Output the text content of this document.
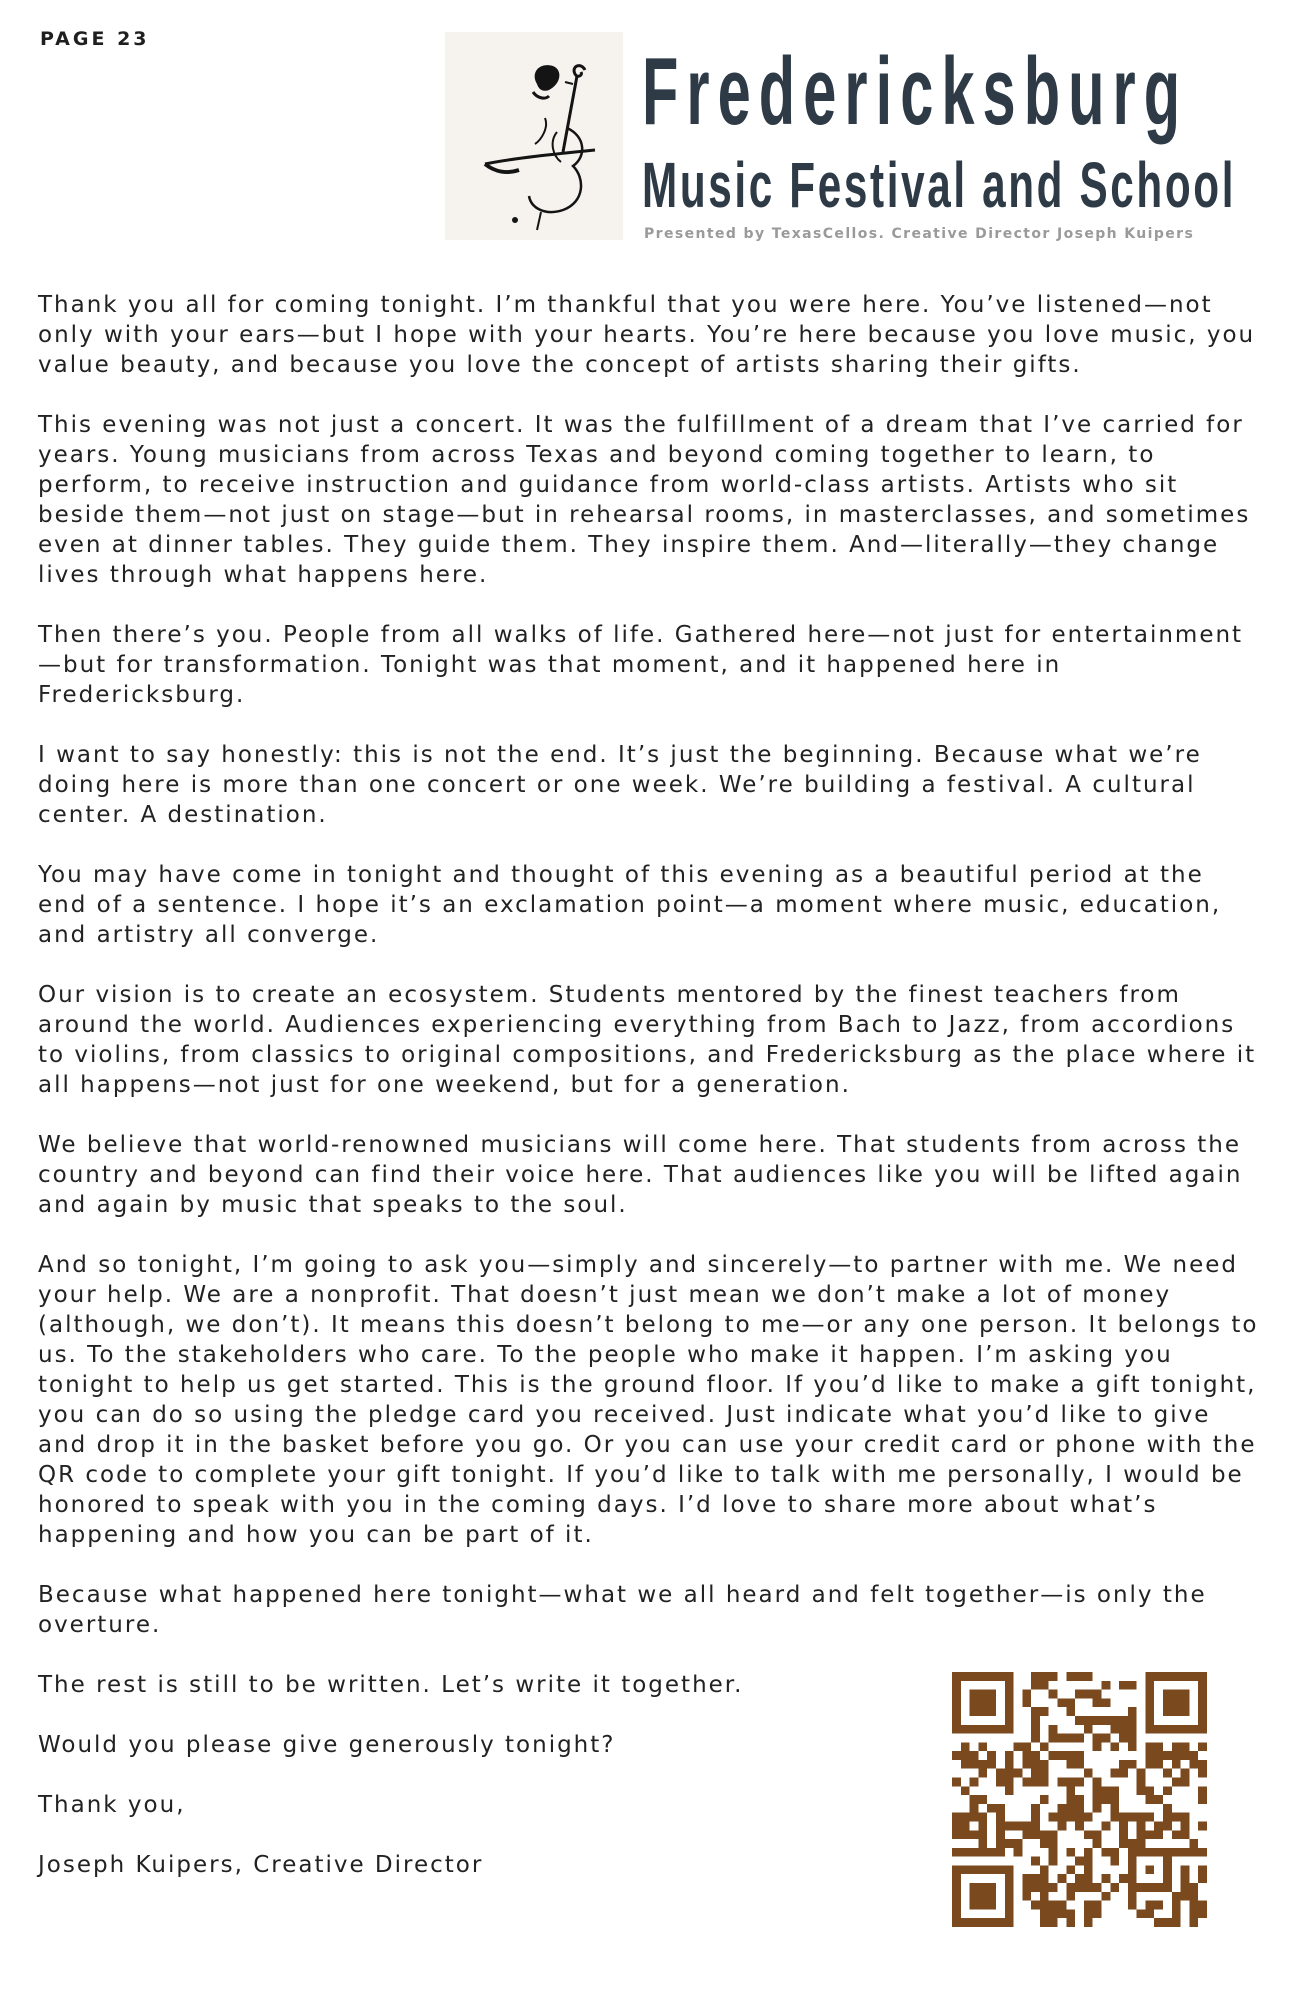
PAGE 23	Fredericksburg
Music Festival and School
Presented by TexasCellos. Creative Director Joseph Kuipers

Thank you all for coming tonight. I’m thankful that you were here. You’ve listened—not only with your ears—but I hope with your hearts. You’re here because you love music, you value beauty, and because you love the concept of artists sharing their gifts.

This evening was not just a concert. It was the fulfillment of a dream that I’ve carried for years. Young musicians from across Texas and beyond coming together to learn, to perform, to receive instruction and guidance from world-class artists. Artists who sit beside them—not just on stage—but in rehearsal rooms, in masterclasses, and sometimes even at dinner tables. They guide them. They inspire them. And—literally—they change lives through what happens here.

Then there’s you. People from all walks of life. Gathered here—not just for entertainment—but for transformation. Tonight was that moment, and it happened here in Fredericksburg.

I want to say honestly: this is not the end. It’s just the beginning. Because what we’re doing here is more than one concert or one week. We’re building a festival. A cultural center. A destination.

You may have come in tonight and thought of this evening as a beautiful period at the end of a sentence. I hope it’s an exclamation point—a moment where music, education, and artistry all converge.

Our vision is to create an ecosystem. Students mentored by the finest teachers from around the world. Audiences experiencing everything from Bach to Jazz, from accordions to violins, from classics to original compositions, and Fredericksburg as the place where it all happens—not just for one weekend, but for a generation.

We believe that world-renowned musicians will come here. That students from across the country and beyond can find their voice here. That audiences like you will be lifted again and again by music that speaks to the soul.

And so tonight, I’m going to ask you—simply and sincerely—to partner with me. We need your help. We are a nonprofit. That doesn’t just mean we don’t make a lot of money (although, we don’t). It means this doesn’t belong to me—or any one person. It belongs to us. To the stakeholders who care. To the people who make it happen. I’m asking you tonight to help us get started. This is the ground floor. If you’d like to make a gift tonight, you can do so using the pledge card you received. Just indicate what you’d like to give and drop it in the basket before you go. Or you can use your credit card or phone with the QR code to complete your gift tonight. If you’d like to talk with me personally, I would be honored to speak with you in the coming days. I’d love to share more about what’s happening and how you can be part of it.

Because what happened here tonight—what we all heard and felt together—is only the overture.

The rest is still to be written. Let’s write it together.

Would you please give generously tonight?

Thank you,

Joseph Kuipers, Creative Director
